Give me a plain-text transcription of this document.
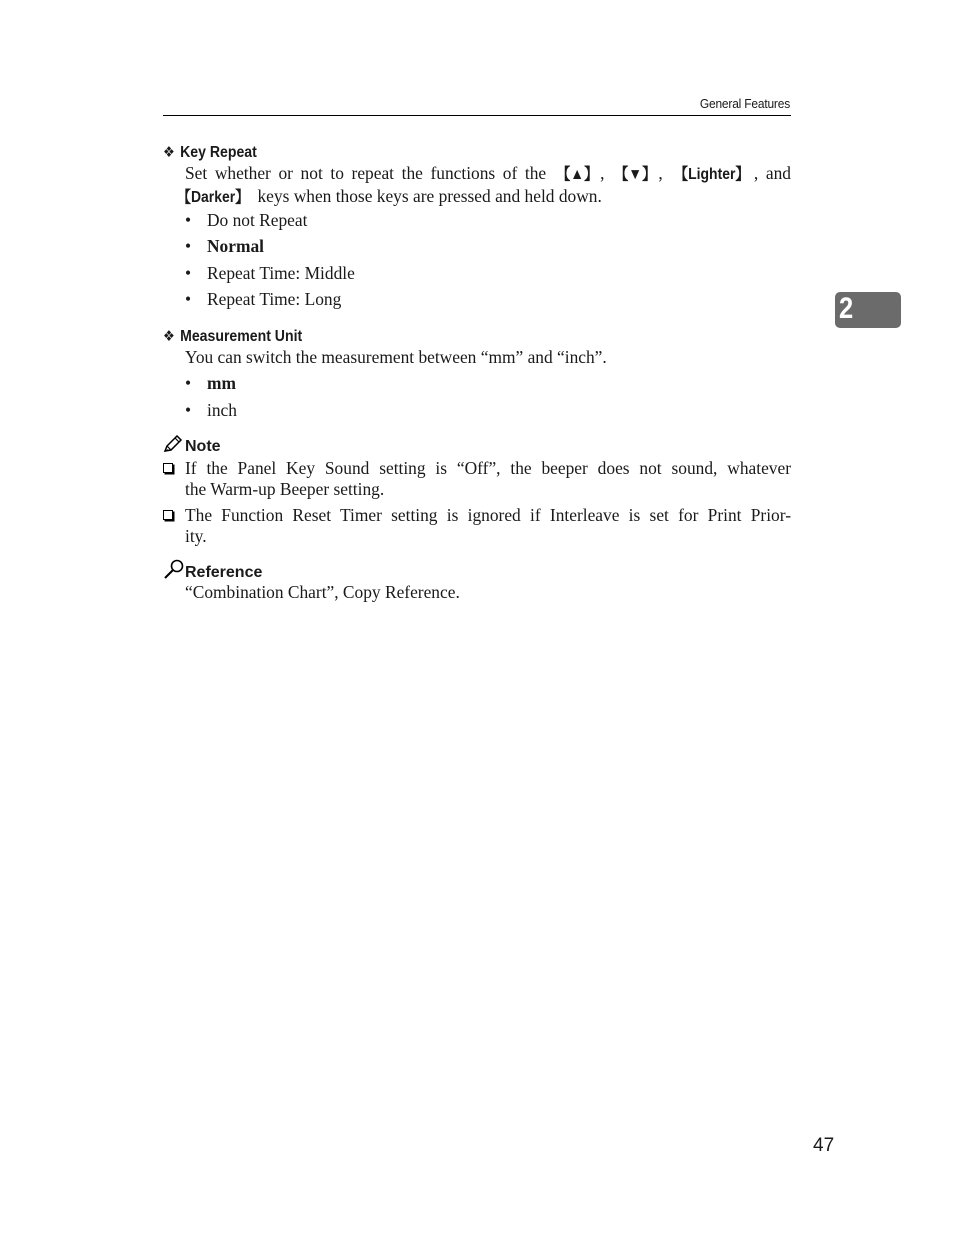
General Features
2
❖ Key Repeat
Set whether or not to repeat the functions of the 【▲】 , 【▼】 , 【Lighter】 , and
【Darker】 keys when those keys are pressed and held down.
• Do not Repeat
• Normal
• Repeat Time: Middle
• Repeat Time: Long
❖ Measurement Unit
You can switch the measurement between “mm” and “inch”.
• mm
• inch
Note
If the Panel Key Sound setting is “Off”, the beeper does not sound, whatever
the Warm-up Beeper setting.
The Function Reset Timer setting is ignored if Interleave is set for Print Prior-
ity.
Reference
“Combination Chart”, Copy Reference.
47
